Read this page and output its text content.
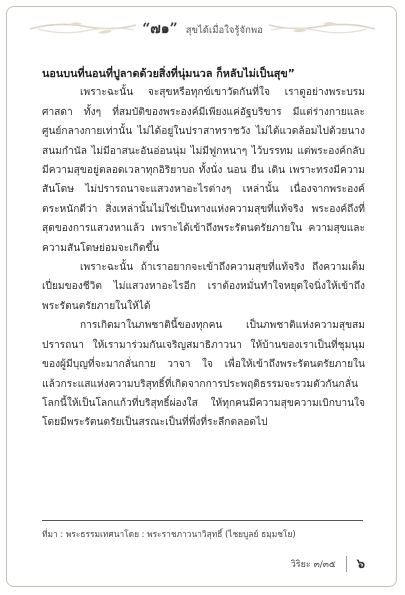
“๗๑” สุขได้เมื่อใจรู้จักพอ

นอนบนที่นอนที่ปูลาดด้วยสิ่งที่นุ่มนวล ก็หลับไม่เป็นสุข”

เพราะฉะนั้น จะสุขหรือทุกข์เขาวัดกันที่ใจ เราดูอย่างพระบรมศาสดา ทั้งๆ ที่สมบัติของพระองค์มีเพียงแค่อัฐบริขาร มีแต่ร่างกายและศูนย์กลางกายเท่านั้น ไม่ได้อยู่ในปราสาทราชวัง ไม่ได้แวดล้อมไปด้วยนางสนมกำนัล ไม่มีอาสนะอันอ่อนนุ่ม ไม่มีฟูกหนาๆ ไว้บรรทม แต่พระองค์กลับมีความสุขอยู่ตลอดเวลาทุกอิริยาบถ ทั้งนั่ง นอน ยืน เดิน เพราะทรงมีความสันโดษ ไม่ปรารถนาจะแสวงหาอะไรต่างๆ เหล่านั้น เนื่องจากพระองค์ตระหนักดีว่า สิ่งเหล่านั้นไม่ใช่เป็นทางแห่งความสุขที่แท้จริง พระองค์ถึงที่สุดของการแสวงหาแล้ว เพราะได้เข้าถึงพระรัตนตรัยภายใน ความสุขและความสันโดษย่อมจะเกิดขึ้น

เพราะฉะนั้น ถ้าเราอยากจะเข้าถึงความสุขที่แท้จริง ถึงความเต็มเปี่ยมของชีวิต ไม่แสวงหาอะไรอีก เราต้องหมั่นทำใจหยุดใจนิ่งให้เข้าถึงพระรัตนตรัยภายในให้ได้

การเกิดมาในภพชาตินี้ของทุกคน เป็นภพชาติแห่งความสุขสมปรารถนา ให้เรามาร่วมกันเจริญสมาธิภาวนา ให้บ้านของเราเป็นที่ชุมนุมของผู้มีบุญที่จะมากลั่นกาย วาจา ใจ เพื่อให้เข้าถึงพระรัตนตรัยภายใน แล้วกระแสแห่งความบริสุทธิ์ที่เกิดจากการประพฤติธรรมจะรวมตัวกันกลั่นโลกนี้ให้เป็นโลกแก้วที่บริสุทธิ์ผ่องใส ให้ทุกคนมีความสุขความเบิกบานใจ โดยมีพระรัตนตรัยเป็นสรณะเป็นที่พึ่งที่ระลึกตลอดไป

ที่มา : พระธรรมเทศนาโดย : พระราชภาวนาวิสุทธิ์ (ไชยบูลย์ ธมฺมชโย)
วิริยะ ๓/๓๕ ๖
